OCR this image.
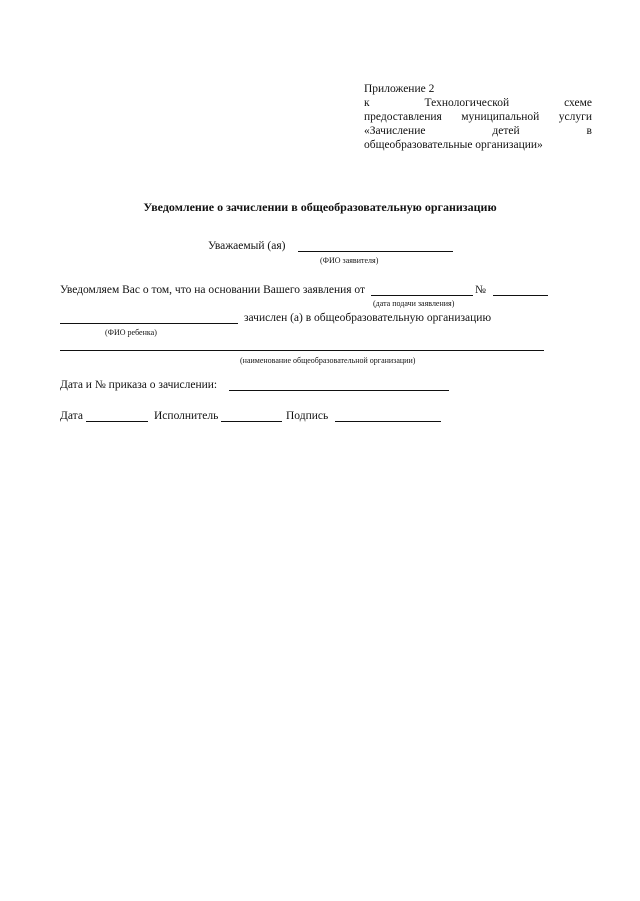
Приложение 2
к	Технологической	схеме
предоставления муниципальной услуги
«Зачисление	детей	в
общеобразовательные организации»
Уведомление о зачислении в общеобразовательную организацию
Уважаемый (ая)
(ФИО заявителя)
Уведомляем Вас о том, что на основании Вашего заявления от	№
(дата подачи заявления)
зачислен (а) в общеобразовательную организацию
(ФИО ребенка)
(наименование общеобразовательной организации)
Дата и № приказа о зачислении:
Дата	Исполнитель	Подпись
